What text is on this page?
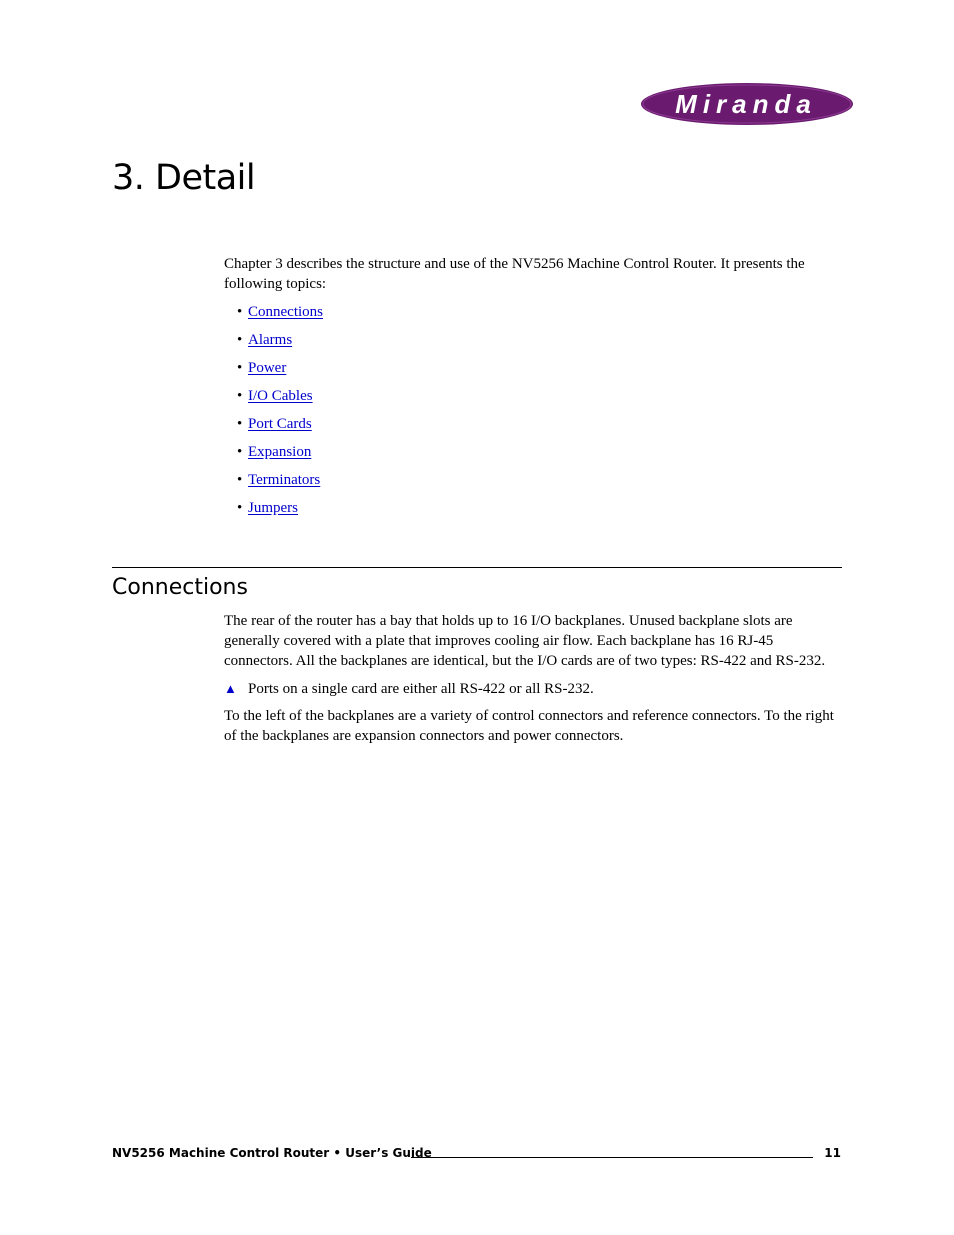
Miranda
3. Detail

Chapter 3 describes the structure and use of the NV5256 Machine Control Router. It presents the following topics:

• Connections
• Alarms
• Power
• I/O Cables
• Port Cards
• Expansion
• Terminators
• Jumpers
Connections

The rear of the router has a bay that holds up to 16 I/O backplanes. Unused backplane slots are generally covered with a plate that improves cooling air flow. Each backplane has 16 RJ-45 connectors. All the backplanes are identical, but the I/O cards are of two types: RS-422 and RS-232.

▲ Ports on a single card are either all RS-422 or all RS-232.

To the left of the backplanes are a variety of control connectors and reference connectors. To the right of the backplanes are expansion connectors and power connectors.

NV5256 Machine Control Router • User’s Guide	11
